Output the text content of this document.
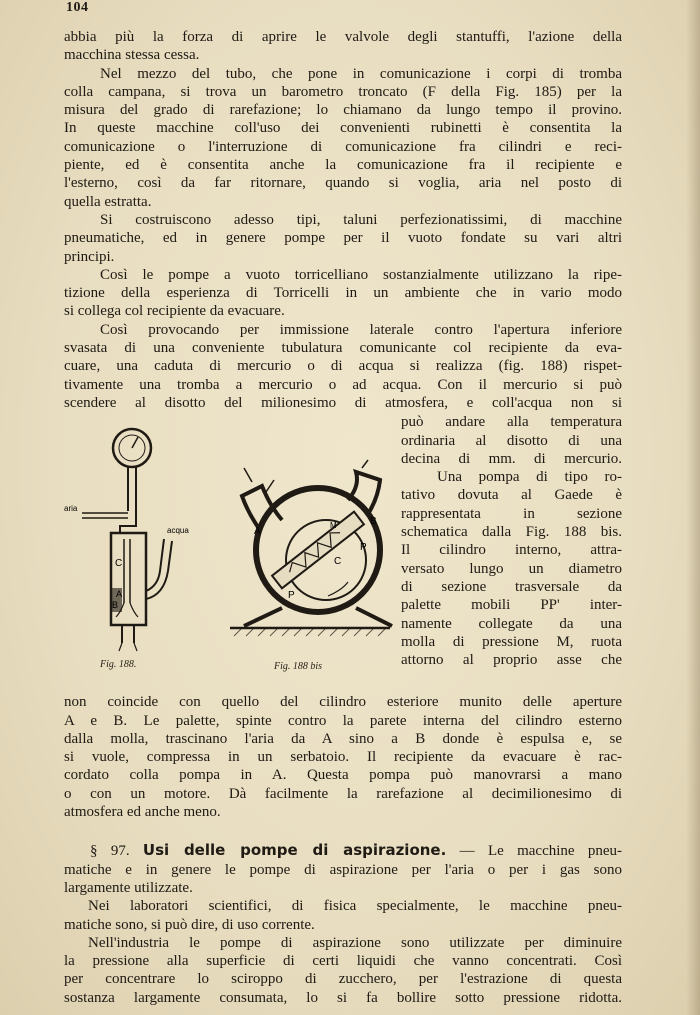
104

abbia più la forza di aprire le valvole degli stantuffi, l'azione della
macchina stessa cessa.

Nel mezzo del tubo, che pone in comunicazione i corpi di tromba
colla campana, si trova un barometro troncato (F della Fig. 185) per la
misura del grado di rarefazione; lo chiamano da lungo tempo il provino.
In queste macchine coll'uso dei convenienti rubinetti è consentita la
comunicazione o l'interruzione di comunicazione fra cilindri e reci-
piente, ed è consentita anche la comunicazione fra il recipiente e
l'esterno, così da far ritornare, quando si voglia, aria nel posto di
quella estratta.

Si costruiscono adesso tipi, taluni perfezionatissimi, di macchine
pneumatiche, ed in genere pompe per il vuoto fondate su vari altri
principi.

Così le pompe a vuoto torricelliano sostanzialmente utilizzano la ripe-
tizione della esperienza di Torricelli in un ambiente che in vario modo
si collega col recipiente da evacuare.

Così provocando per immissione laterale contro l'apertura inferiore
svasata di una conveniente tubulatura comunicante col recipiente da eva-
cuare, una caduta di mercurio o di acqua si realizza (fig. 188) rispet-
tivamente una tromba a mercurio o ad acqua. Con il mercurio si può
scendere al disotto del milionesimo di atmosfera, e coll'acqua non si

aria
acqua
C
A
B
A
B
P
P
C
M
Fig. 188.	Fig. 188 bis
può andare alla temperatura
ordinaria al disotto di una
decina di mm. di mercurio.
Una pompa di tipo ro-
tativo dovuta al Gaede è
rappresentata in sezione
schematica dalla Fig. 188 bis.
Il cilindro interno, attra-
versato lungo un diametro
di sezione trasversale da
palette mobili PP' inter-
namente collegate da una
molla di pressione M, ruota
attorno al proprio asse che

non coincide con quello del cilindro esteriore munito delle aperture
A e B. Le palette, spinte contro la parete interna del cilindro esterno
dalla molla, trascinano l'aria da A sino a B donde è espulsa e, se
si vuole, compressa in un serbatoio. Il recipiente da evacuare è rac-
cordato colla pompa in A. Questa pompa può manovrarsi a mano
o con un motore. Dà facilmente la rarefazione al decimilionesimo di
atmosfera ed anche meno.

§ 97. Usi delle pompe di aspirazione. — Le macchine pneu-
matiche e in genere le pompe di aspirazione per l'aria o per i gas sono
largamente utilizzate.

Nei laboratori scientifici, di fisica specialmente, le macchine pneu-
matiche sono, si può dire, di uso corrente.

Nell'industria le pompe di aspirazione sono utilizzate per diminuire
la pressione alla superficie di certi liquidi che vanno concentrati. Così
per concentrare lo sciroppo di zucchero, per l'estrazione di questa
sostanza largamente consumata, lo si fa bollire sotto pressione ridotta.
